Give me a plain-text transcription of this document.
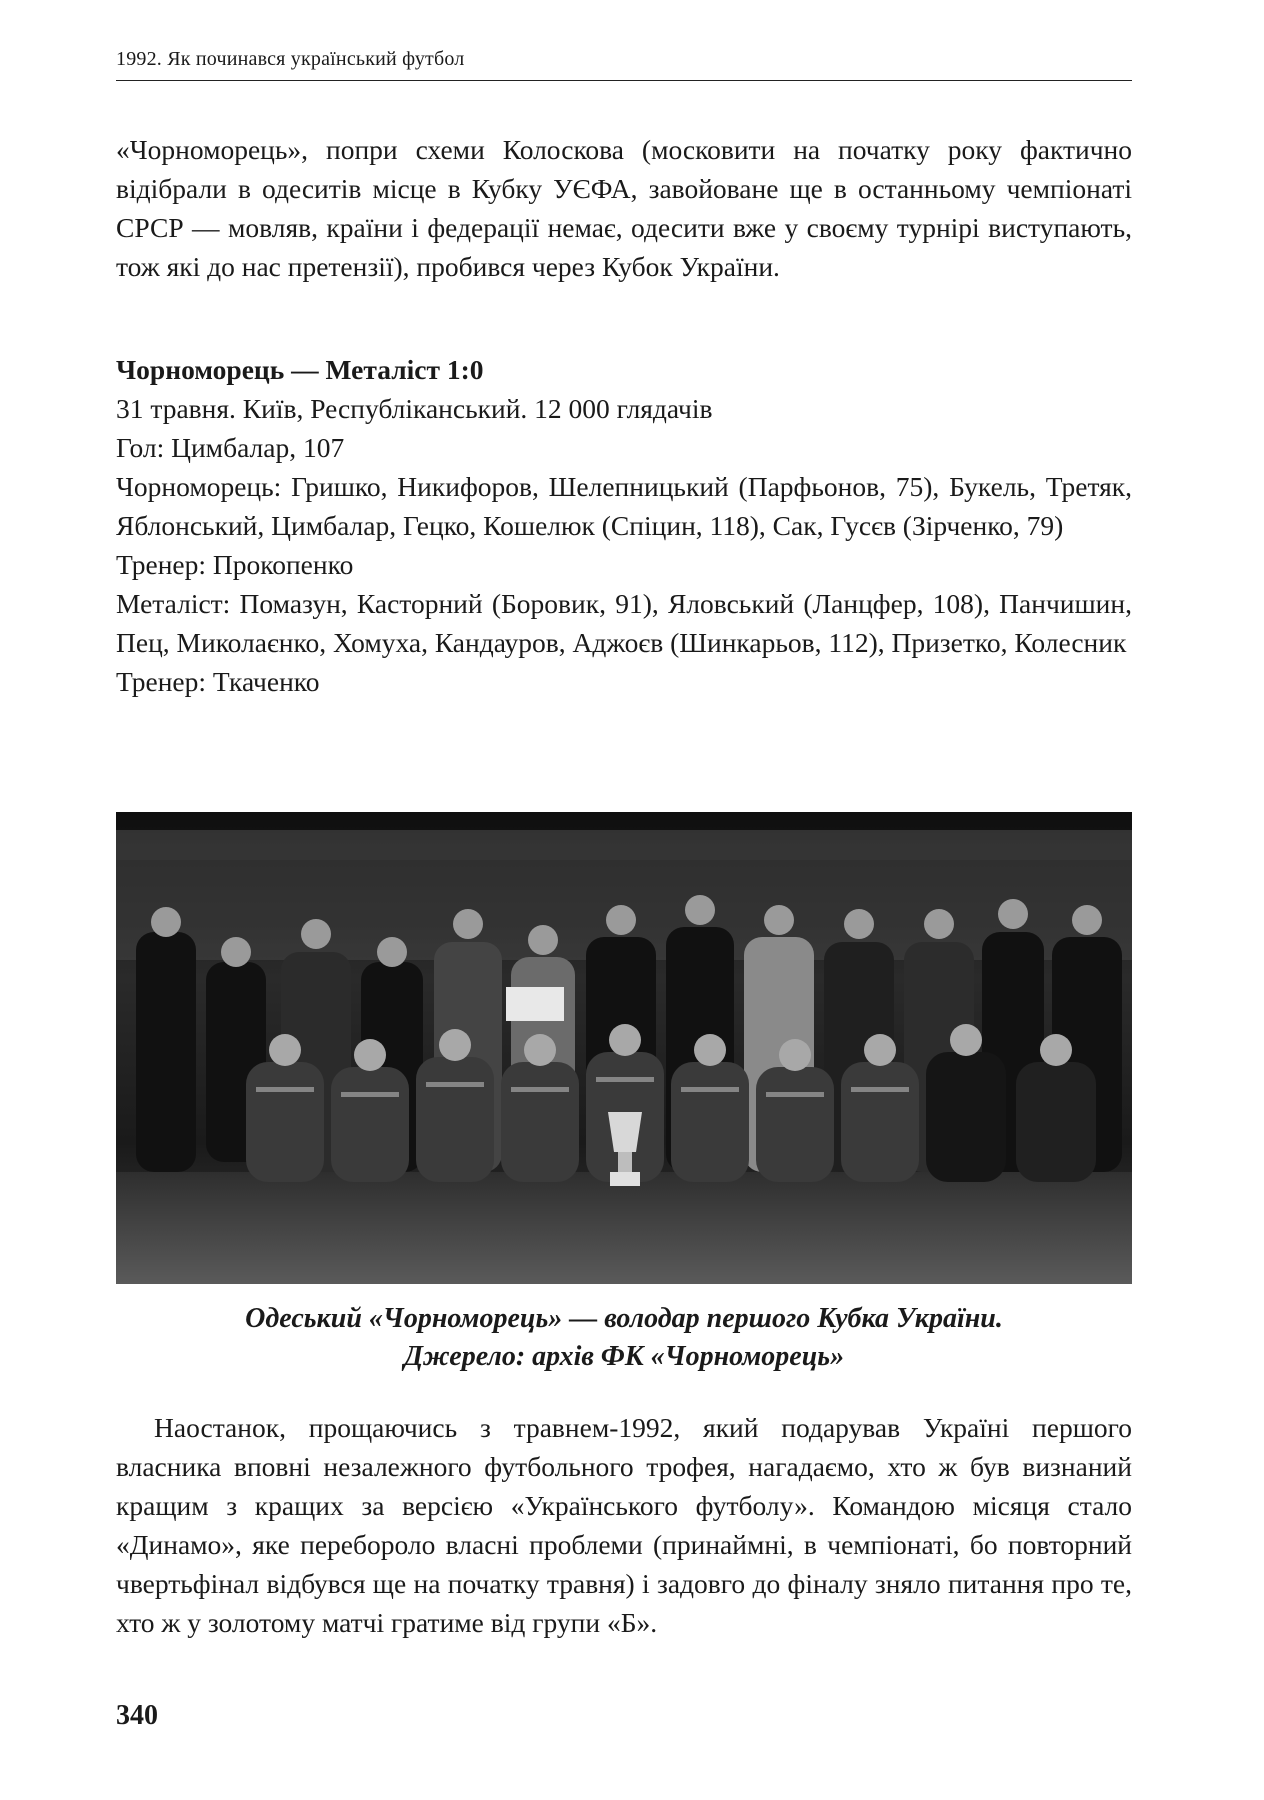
1992. Як починався український футбол

«Чорноморець», попри схеми Колоскова (московити на початку року фактично відібрали в одеситів місце в Кубку УЄФА, завойоване ще в останньому чемпіонаті СРСР — мовляв, країни і федерації немає, одесити вже у своєму турнірі виступають, тож які до нас претензії), пробився через Кубок України.

Чорноморець — Металіст 1:0
31 травня. Київ, Республіканський. 12 000 глядачів
Гол: Цимбалар, 107
Чорноморець: Гришко, Никифоров, Шелепницький (Парфьонов, 75), Букель, Третяк, Яблонський, Цимбалар, Гецко, Кошелюк (Спіцин, 118), Сак, Гусєв (Зірченко, 79)
Тренер: Прокопенко
Металіст: Помазун, Касторний (Боровик, 91), Яловський (Ланцфер, 108), Панчишин, Пец, Миколаєнко, Хомуха, Кандауров, Аджоєв (Шинкарьов, 112), Призетко, Колесник
Тренер: Ткаченко
Одеський «Чорноморець» — володар першого Кубка України.
Джерело: архів ФК «Чорноморець»

Наостанок, прощаючись з травнем-1992, який подарував Україні першого власника вповні незалежного футбольного трофея, нагадаємо, хто ж був визнаний кращим з кращих за версією «Українського футболу». Командою місяця стало «Динамо», яке переборолo власні проблеми (принаймні, в чемпіонаті, бо повторний чвертьфінал відбувся ще на початку травня) і задовго до фіналу зняло питання про те, хто ж у золотому матчі гратиме від групи «Б».

340
